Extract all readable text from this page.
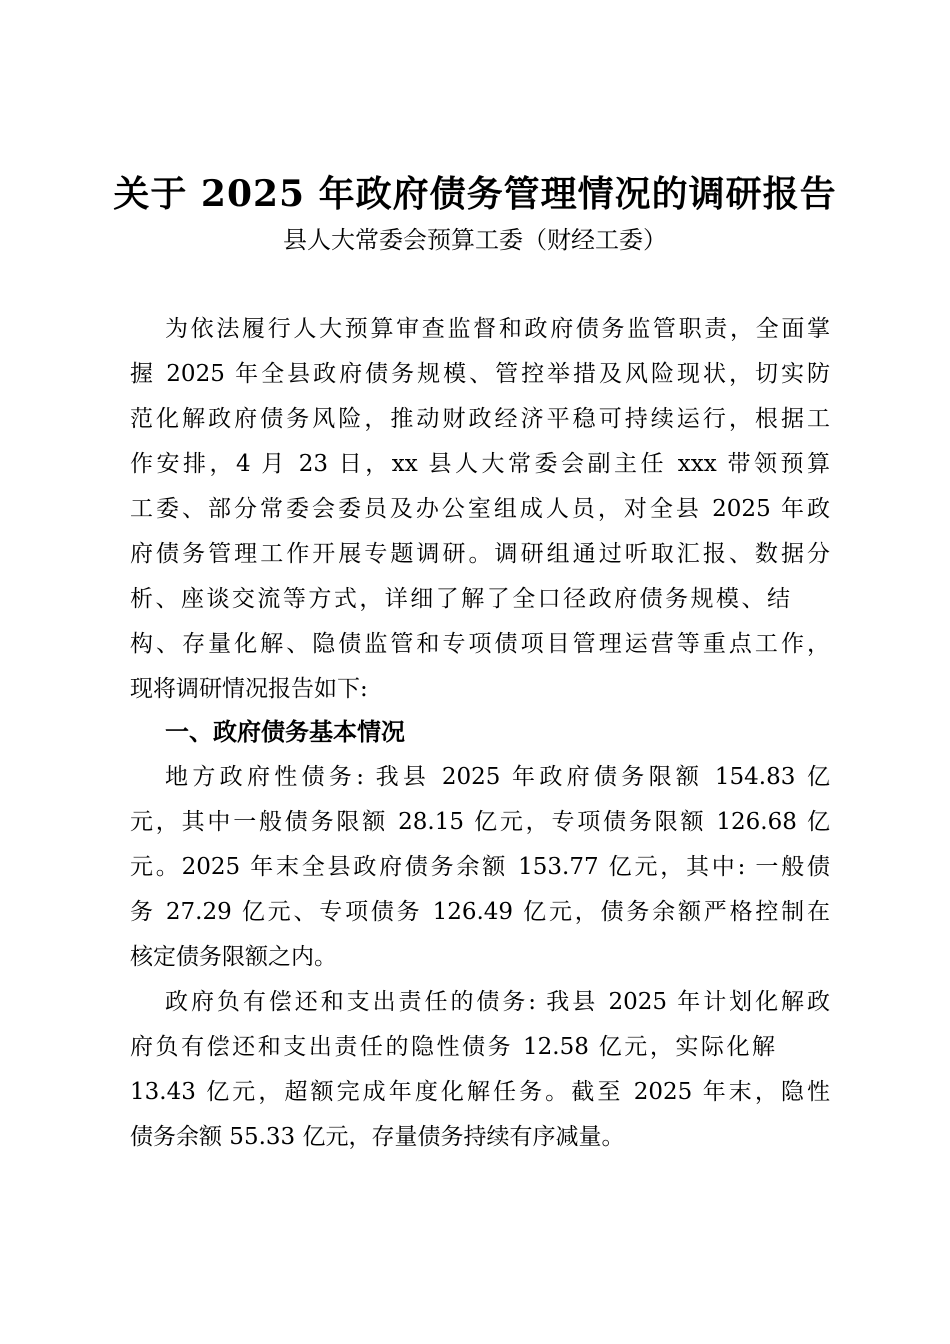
关于 2025 年政府债务管理情况的调研报告
县人大常委会预算工委（财经工委）
为依法履行人大预算审查监督和政府债务监管职责，全面掌
握 2025 年全县政府债务规模、管控举措及风险现状，切实防
范化解政府债务风险，推动财政经济平稳可持续运行，根据工
作安排，4 月 23 日，xx 县人大常委会副主任 xxx 带领预算
工委、部分常委会委员及办公室组成人员，对全县 2025 年政
府债务管理工作开展专题调研。调研组通过听取汇报、数据分
析、座谈交流等方式，详细了解了全口径政府债务规模、结
构、存量化解、隐债监管和专项债项目管理运营等重点工作，
现将调研情况报告如下:
一、政府债务基本情况
地方政府性债务: 我县 2025 年政府债务限额 154.83 亿
元，其中一般债务限额 28.15 亿元，专项债务限额 126.68 亿
元。2025 年末全县政府债务余额 153.77 亿元，其中: 一般债
务 27.29 亿元、专项债务 126.49 亿元，债务余额严格控制在
核定债务限额之内。
政府负有偿还和支出责任的债务: 我县 2025 年计划化解政
府负有偿还和支出责任的隐性债务 12.58 亿元，实际化解
13.43 亿元，超额完成年度化解任务。截至 2025 年末，隐性
债务余额 55.33 亿元，存量债务持续有序减量。
